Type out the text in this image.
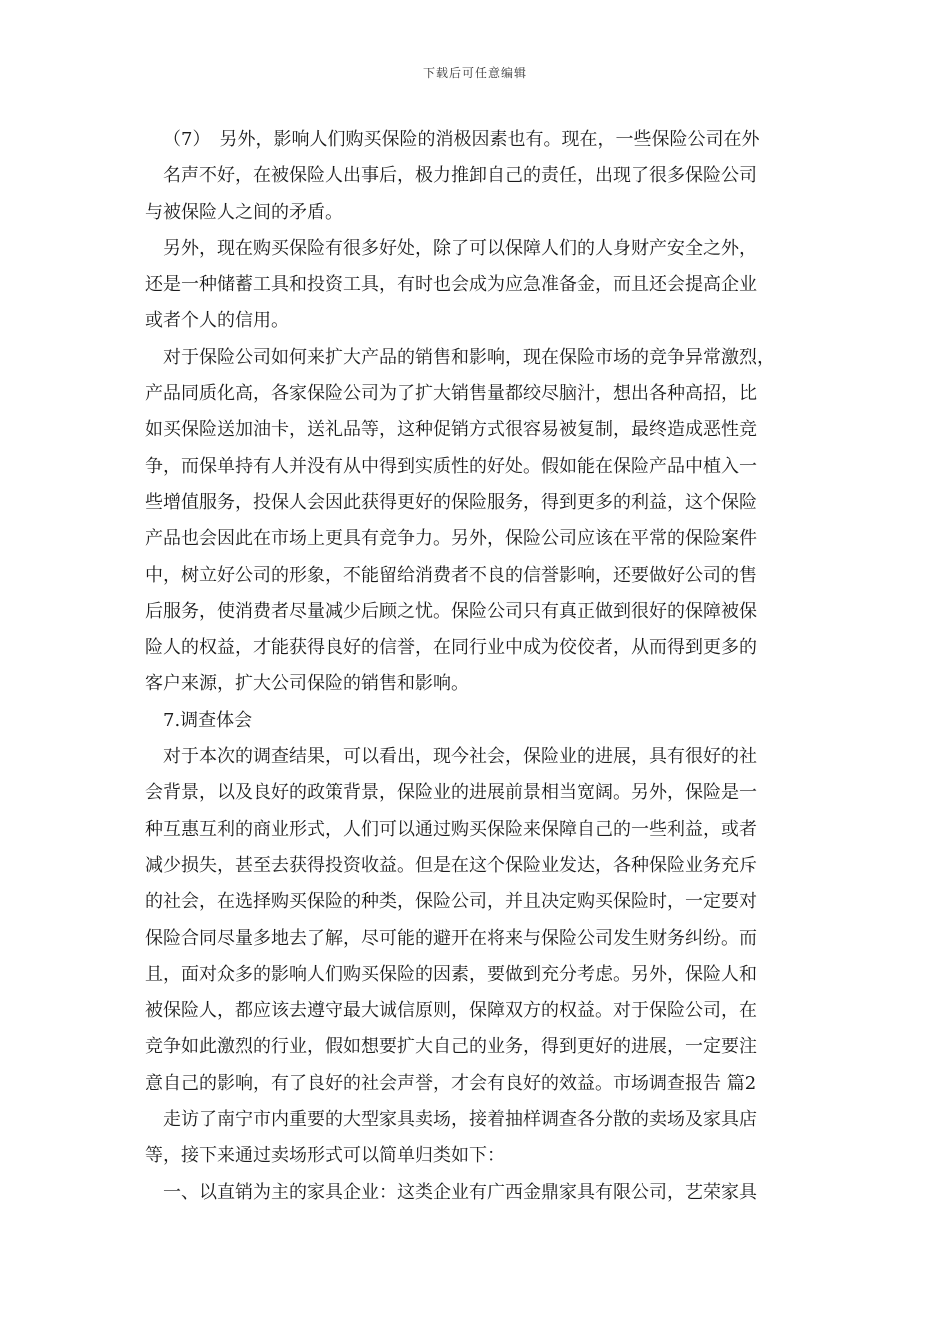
下载后可任意编辑
（7）　另外，影响人们购买保险的消极因素也有。现在，一些保险公司在外
名声不好，在被保险人出事后，极力推卸自己的责任，出现了很多保险公司
与被保险人之间的矛盾。
另外，现在购买保险有很多好处，除了可以保障人们的人身财产安全之外，
还是一种储蓄工具和投资工具，有时也会成为应急准备金，而且还会提高企业
或者个人的信用。
对于保险公司如何来扩大产品的销售和影响，现在保险市场的竞争异常激烈，
产品同质化高，各家保险公司为了扩大销售量都绞尽脑汁，想出各种高招，比
如买保险送加油卡，送礼品等，这种促销方式很容易被复制，最终造成恶性竞
争，而保单持有人并没有从中得到实质性的好处。假如能在保险产品中植入一
些增值服务，投保人会因此获得更好的保险服务，得到更多的利益，这个保险
产品也会因此在市场上更具有竞争力。另外，保险公司应该在平常的保险案件
中，树立好公司的形象，不能留给消费者不良的信誉影响，还要做好公司的售
后服务，使消费者尽量减少后顾之忧。保险公司只有真正做到很好的保障被保
险人的权益，才能获得良好的信誉，在同行业中成为佼佼者，从而得到更多的
客户来源，扩大公司保险的销售和影响。
7.调查体会
对于本次的调查结果，可以看出，现今社会，保险业的进展，具有很好的社
会背景，以及良好的政策背景，保险业的进展前景相当宽阔。另外，保险是一
种互惠互利的商业形式，人们可以通过购买保险来保障自己的一些利益，或者
减少损失，甚至去获得投资收益。但是在这个保险业发达，各种保险业务充斥
的社会，在选择购买保险的种类，保险公司，并且决定购买保险时，一定要对
保险合同尽量多地去了解，尽可能的避开在将来与保险公司发生财务纠纷。而
且，面对众多的影响人们购买保险的因素，要做到充分考虑。另外，保险人和
被保险人，都应该去遵守最大诚信原则，保障双方的权益。对于保险公司，在
竞争如此激烈的行业，假如想要扩大自己的业务，得到更好的进展，一定要注
意自己的影响，有了良好的社会声誉，才会有良好的效益。市场调查报告 篇2
走访了南宁市内重要的大型家具卖场，接着抽样调查各分散的卖场及家具店
等，接下来通过卖场形式可以简单归类如下：
一、以直销为主的家具企业：这类企业有广西金鼎家具有限公司，艺荣家具
